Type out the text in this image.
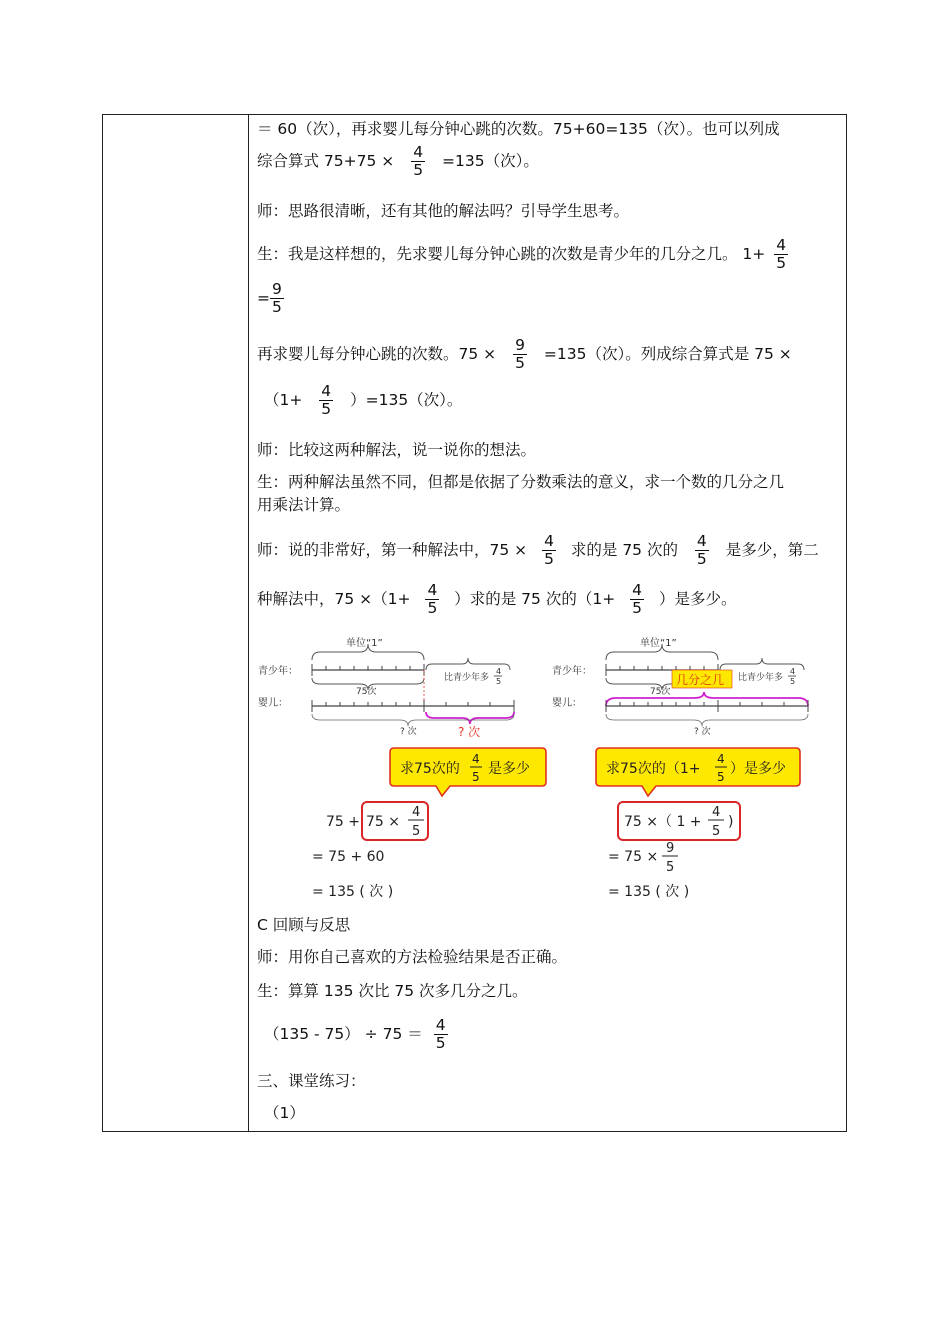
＝ 60（次），再求婴儿每分钟心跳的次数。75+60=135（次）。也可以列成
综合算式 $75+75 \times \frac{4}{5} =135$（次）。
师：思路很清晰，还有其他的解法吗？引导学生思考。
生：我是这样想的，先求婴儿每分钟心跳的次数是青少年的几分之几。 $1+ \frac{4}{5}$
= $\frac{9}{5}$
再求婴儿每分钟心跳的次数。$75 \times \frac{9}{5} =135$（次）。列成综合算式是 75 ×
$(1+ \frac{4}{5} )=135$（次）。
师：比较这两种解法，说一说你的想法。
生：两种解法虽然不同，但都是依据了分数乘法的意义，求一个数的几分之几
用乘法计算。
师：说的非常好，第一种解法中，$75 \times \frac{4}{5}$ 求的是 75 次的 $\frac{4}{5}$ 是多少，第二
种解法中，$75 \times(1+ \frac{4}{5}$ ）求的是 75 次的（$1+ \frac{4}{5}$ ）是多少。
单位“1”
青少年：
75次
比青少年多
4
5
婴儿：
? 次	? 次
求75次的
4
5 是多少
75 + 75 ×
4
5
= 75 + 60
= 135 ( 次 )
单位“1”
青少年：
75次
几分之几 比青少年多
4
5
婴儿：
? 次
求75次的（1+
4
5 ）是多少
75 ×（ 1 +
4
5
)
= 75 ×
9
5
= 135 ( 次 )
C 回顾与反思
师：用你自己喜欢的方法检验结果是否正确。
生：算算 135 次比 75 次多几分之几。
$(135 - 75) \div 75 = \frac{4}{5}$
三、课堂练习：
（1）
